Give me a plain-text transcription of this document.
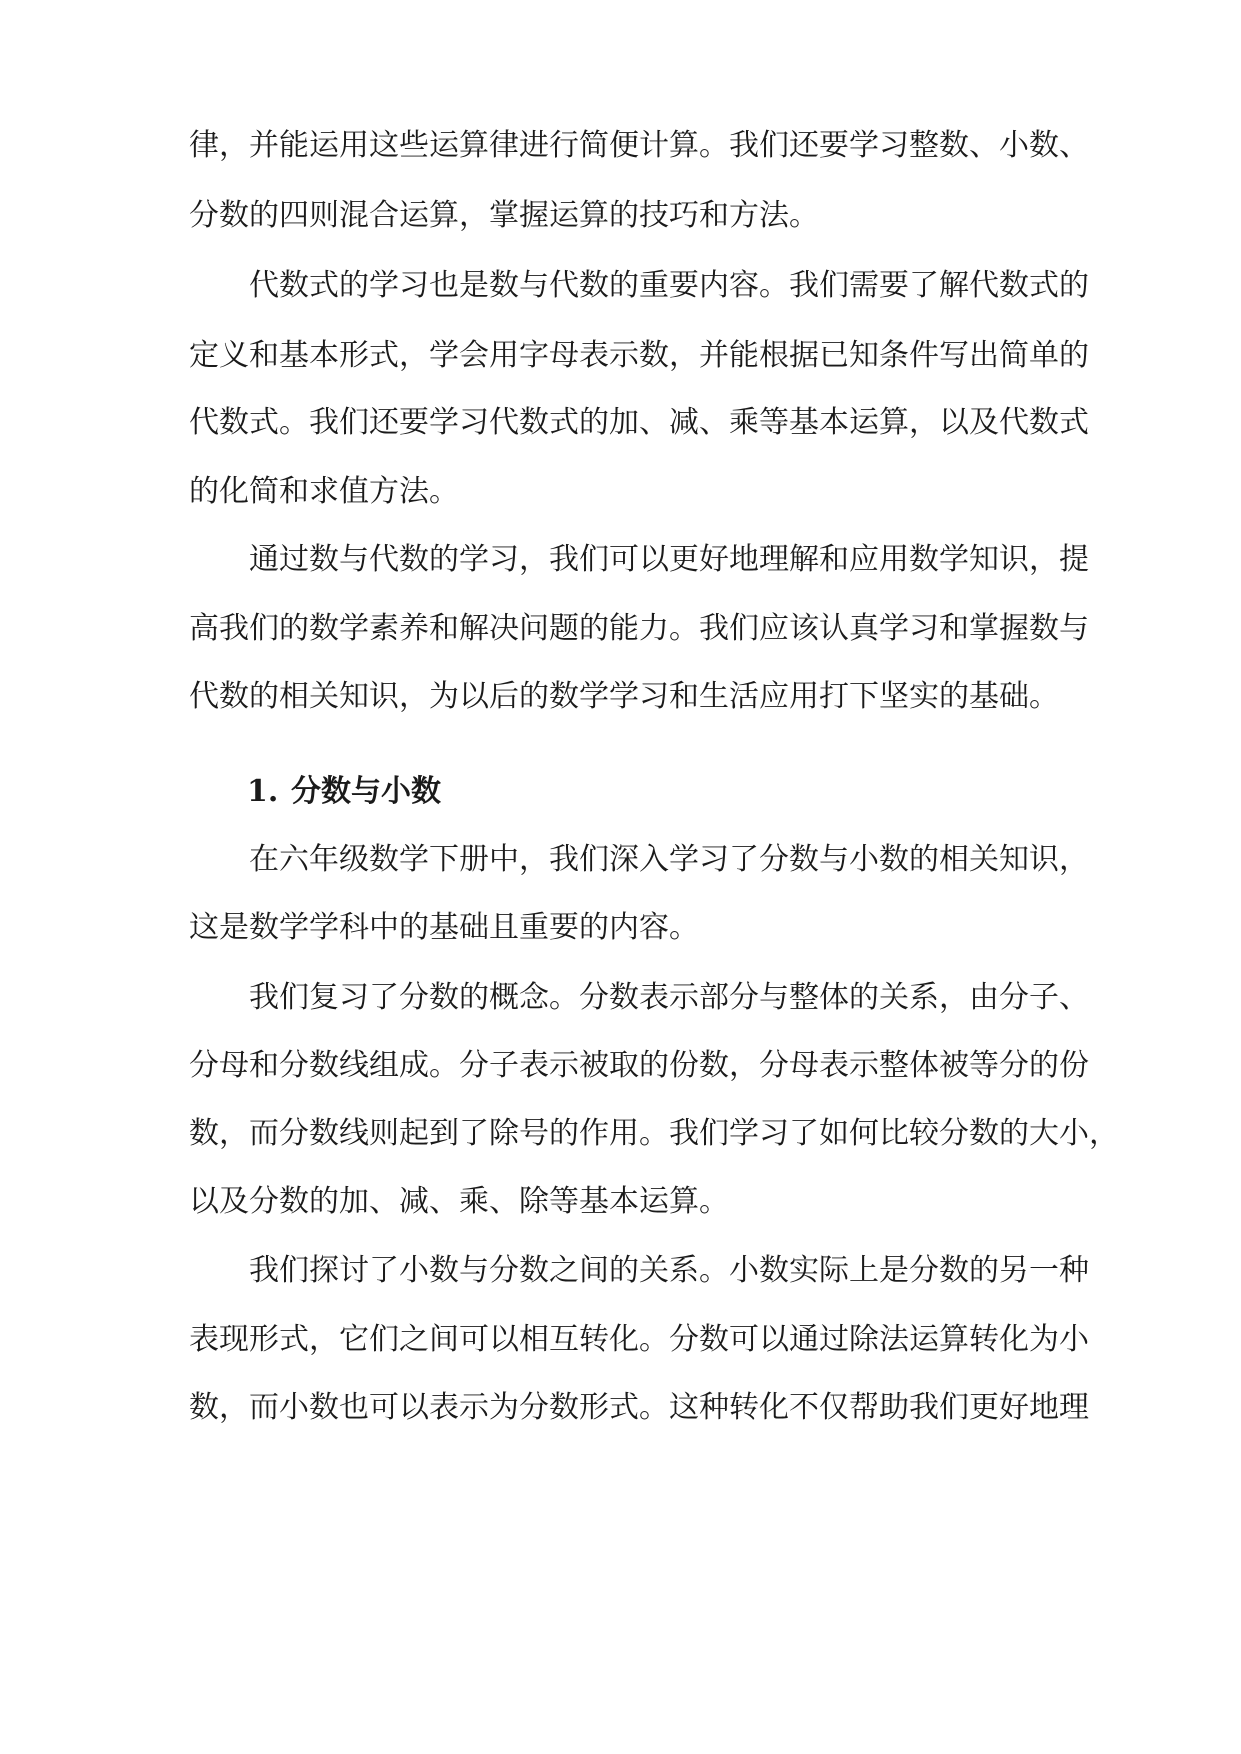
律，并能运用这些运算律进行简便计算。我们还要学习整数、小数、
分数的四则混合运算，掌握运算的技巧和方法。
代数式的学习也是数与代数的重要内容。我们需要了解代数式的
定义和基本形式，学会用字母表示数，并能根据已知条件写出简单的
代数式。我们还要学习代数式的加、减、乘等基本运算，以及代数式
的化简和求值方法。
通过数与代数的学习，我们可以更好地理解和应用数学知识，提
高我们的数学素养和解决问题的能力。我们应该认真学习和掌握数与
代数的相关知识，为以后的数学学习和生活应用打下坚实的基础。
1. 分数与小数
在六年级数学下册中，我们深入学习了分数与小数的相关知识，
这是数学学科中的基础且重要的内容。
我们复习了分数的概念。分数表示部分与整体的关系，由分子、
分母和分数线组成。分子表示被取的份数，分母表示整体被等分的份
数，而分数线则起到了除号的作用。我们学习了如何比较分数的大小，
以及分数的加、减、乘、除等基本运算。
我们探讨了小数与分数之间的关系。小数实际上是分数的另一种
表现形式，它们之间可以相互转化。分数可以通过除法运算转化为小
数，而小数也可以表示为分数形式。这种转化不仅帮助我们更好地理
